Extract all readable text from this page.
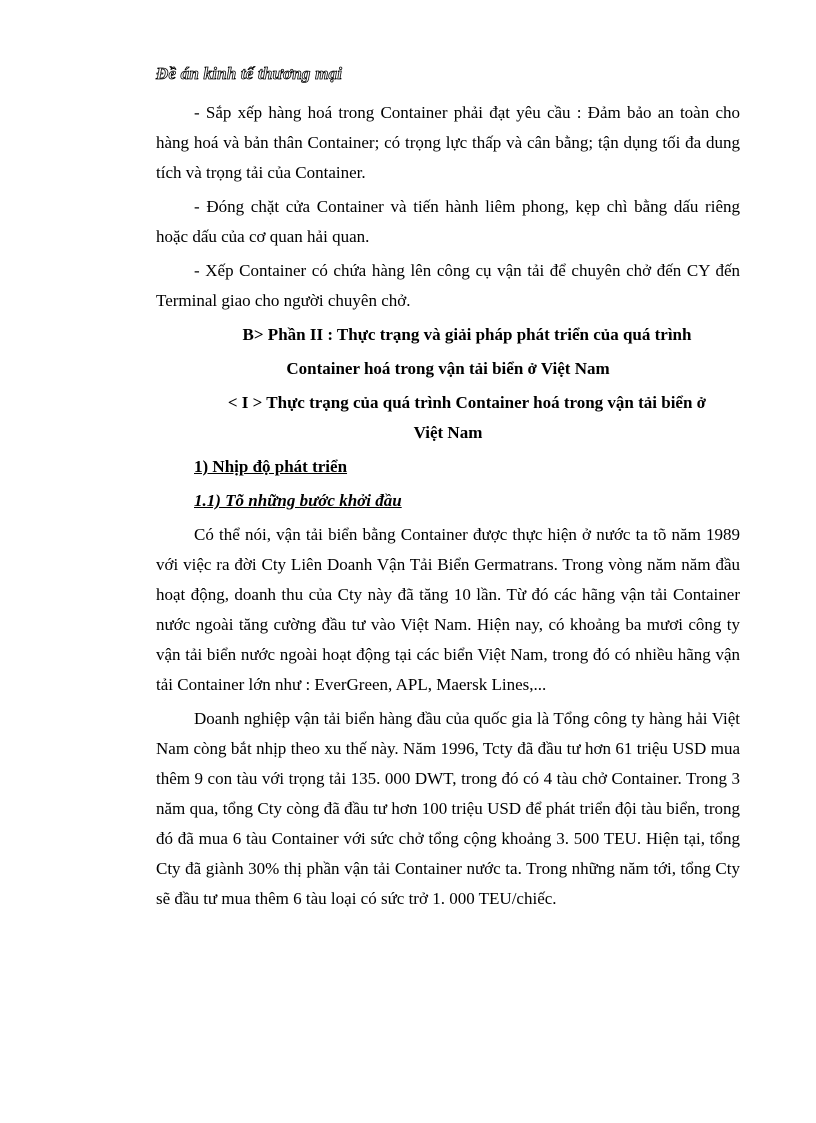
Đề án kinh tế thương mại

- Sắp xếp hàng hoá trong Container phải đạt yêu cầu : Đảm bảo an toàn cho hàng hoá và bản thân Container; có trọng lực thấp và cân bằng; tận dụng tối đa dung tích và trọng tải của Container.

- Đóng chặt cửa Container và tiến hành liêm phong, kẹp chì bằng dấu riêng hoặc dấu của cơ quan hải quan.

- Xếp Container có chứa hàng lên công cụ vận tải để chuyên chở đến CY đến Terminal giao cho người chuyên chở.

B> Phần II : Thực trạng và giải pháp phát triển của quá trình
Container hoá trong vận tải biển ở Việt Nam
< I > Thực trạng của quá trình Container hoá trong vận tải biển ở
Việt Nam
1) Nhịp độ phát triển
1.1) Tõ những bước khởi đầu

Có thể nói, vận tải biển bằng Container được thực hiện ở nước ta tõ năm 1989 với việc ra đời Cty Liên Doanh Vận Tải Biển Germatrans. Trong vòng năm năm đầu hoạt động, doanh thu của Cty này đã tăng 10 lần. Từ đó các hãng vận tải Container nước ngoài tăng cường đầu tư vào Việt Nam. Hiện nay, có khoảng ba mươi công ty vận tải biển nước ngoài hoạt động tại các biển Việt Nam, trong đó có nhiều hãng vận tải Container lớn như : EverGreen, APL, Maersk Lines,...

Doanh nghiệp vận tải biển hàng đầu của quốc gia là Tổng công ty hàng hải Việt Nam còng bắt nhịp theo xu thế này. Năm 1996, Tcty đã đầu tư hơn 61 triệu USD mua thêm 9 con tàu với trọng tải 135. 000 DWT, trong đó có 4 tàu chở Container. Trong 3 năm qua, tổng Cty còng đã đầu tư hơn 100 triệu USD để phát triển đội tàu biển, trong đó đã mua 6 tàu Container với sức chở tổng cộng khoảng 3. 500 TEU. Hiện tại, tổng Cty đã giành 30% thị phần vận tải Container nước ta. Trong những năm tới, tổng Cty sẽ đầu tư mua thêm 6 tàu loại có sức trở 1. 000 TEU/chiếc.
